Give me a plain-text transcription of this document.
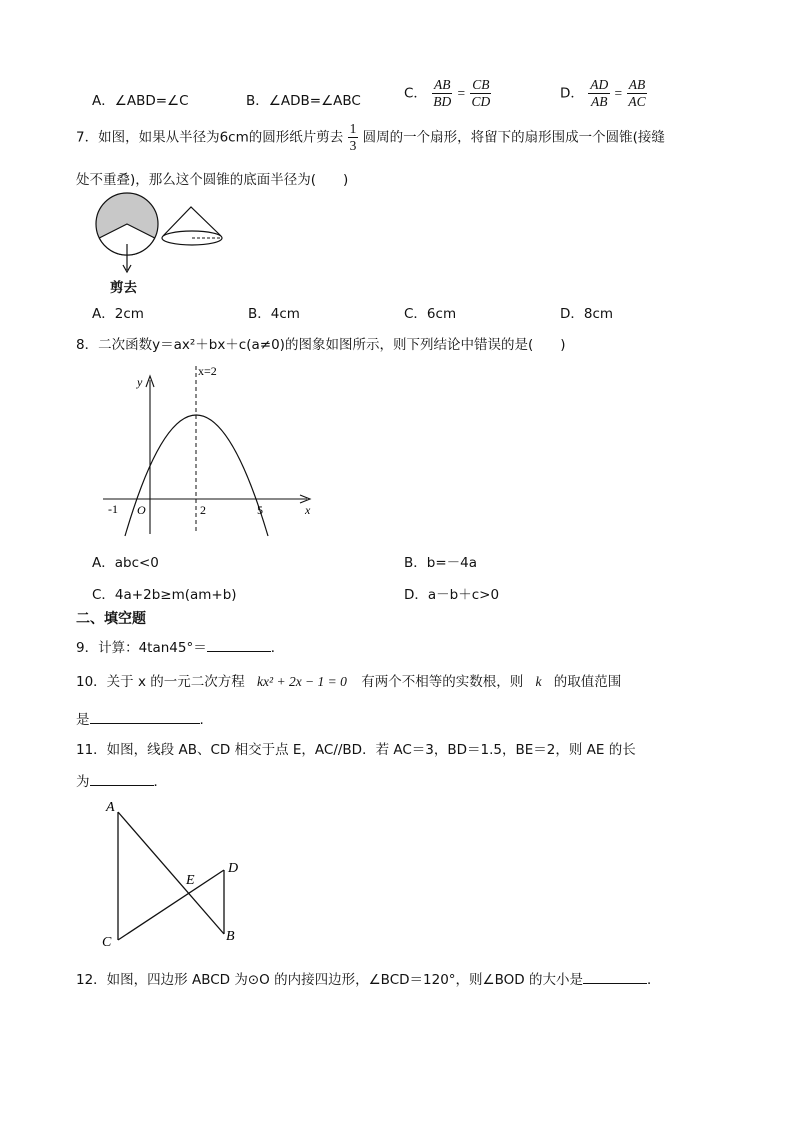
A．∠ABD=∠C	B．∠ADB=∠ABC	C． $\frac{AB}{BD} = \frac{CB}{CD}$	D． $\frac{AD}{AB} = \frac{AB}{AC}$
7．如图，如果从半径为6cm的圆形纸片剪去 $\frac{1}{3}$ 圆周的一个扇形，将留下的扇形围成一个圆锥(接缝
处不重叠)，那么这个圆锥的底面半径为(　　)
剪去
A．2cm	B．4cm	C．6cm	D．8cm
8．二次函数y＝ax²＋bx＋c(a≠0)的图象如图所示，则下列结论中错误的是(　　)
x=2
y
x
O
-1	2	5
A．abc<0	B．b=－4a
C．4a+2b≥m(am+b)	D．a－b＋c>0
二、填空题
9．计算：4tan45°＝	．
10．关于 x 的一元二次方程 kx² + 2x − 1 = 0 有两个不相等的实数根，则 k 的取值范围
是	.
11．如图，线段 AB、CD 相交于点 E，AC//BD．若 AC＝3，BD＝1.5，BE＝2，则 AE 的长
为	．
A
C
E
D
B
12．如图，四边形 ABCD 为⊙O 的内接四边形，∠BCD＝120°，则∠BOD 的大小是	．
